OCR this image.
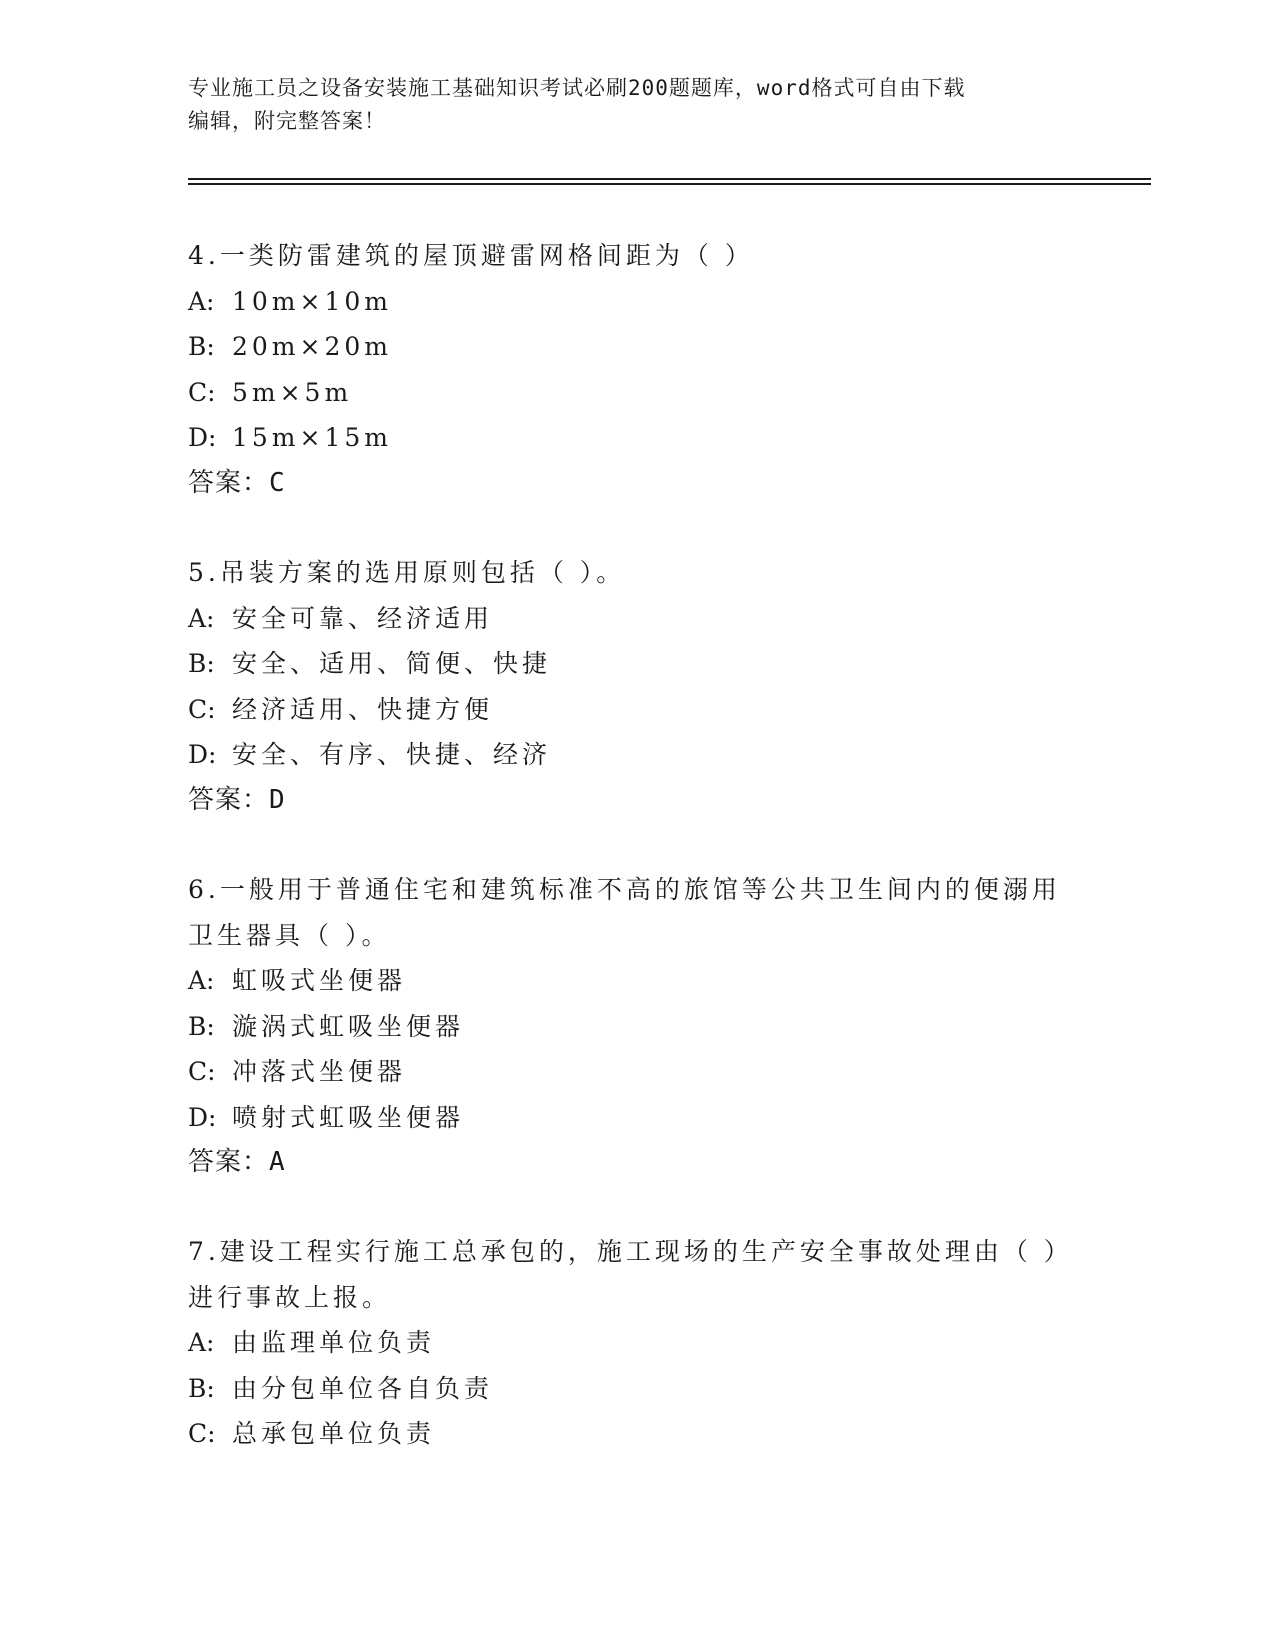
专业施工员之设备安装施工基础知识考试必刷200题题库，word格式可自由下载
编辑，附完整答案！
4.一类防雷建筑的屋顶避雷网格间距为（ ）
A: 10m×10m
B: 20m×20m
C: 5m×5m
D: 15m×15m
答案：C
5.吊装方案的选用原则包括（ ）。
A: 安全可靠、经济适用
B: 安全、适用、简便、快捷
C: 经济适用、快捷方便
D: 安全、有序、快捷、经济
答案：D
6.一般用于普通住宅和建筑标准不高的旅馆等公共卫生间内的便溺用
卫生器具（ ）。
A: 虹吸式坐便器
B: 漩涡式虹吸坐便器
C: 冲落式坐便器
D: 喷射式虹吸坐便器
答案：A
7.建设工程实行施工总承包的，施工现场的生产安全事故处理由（ ）
进行事故上报。
A: 由监理单位负责
B: 由分包单位各自负责
C: 总承包单位负责
